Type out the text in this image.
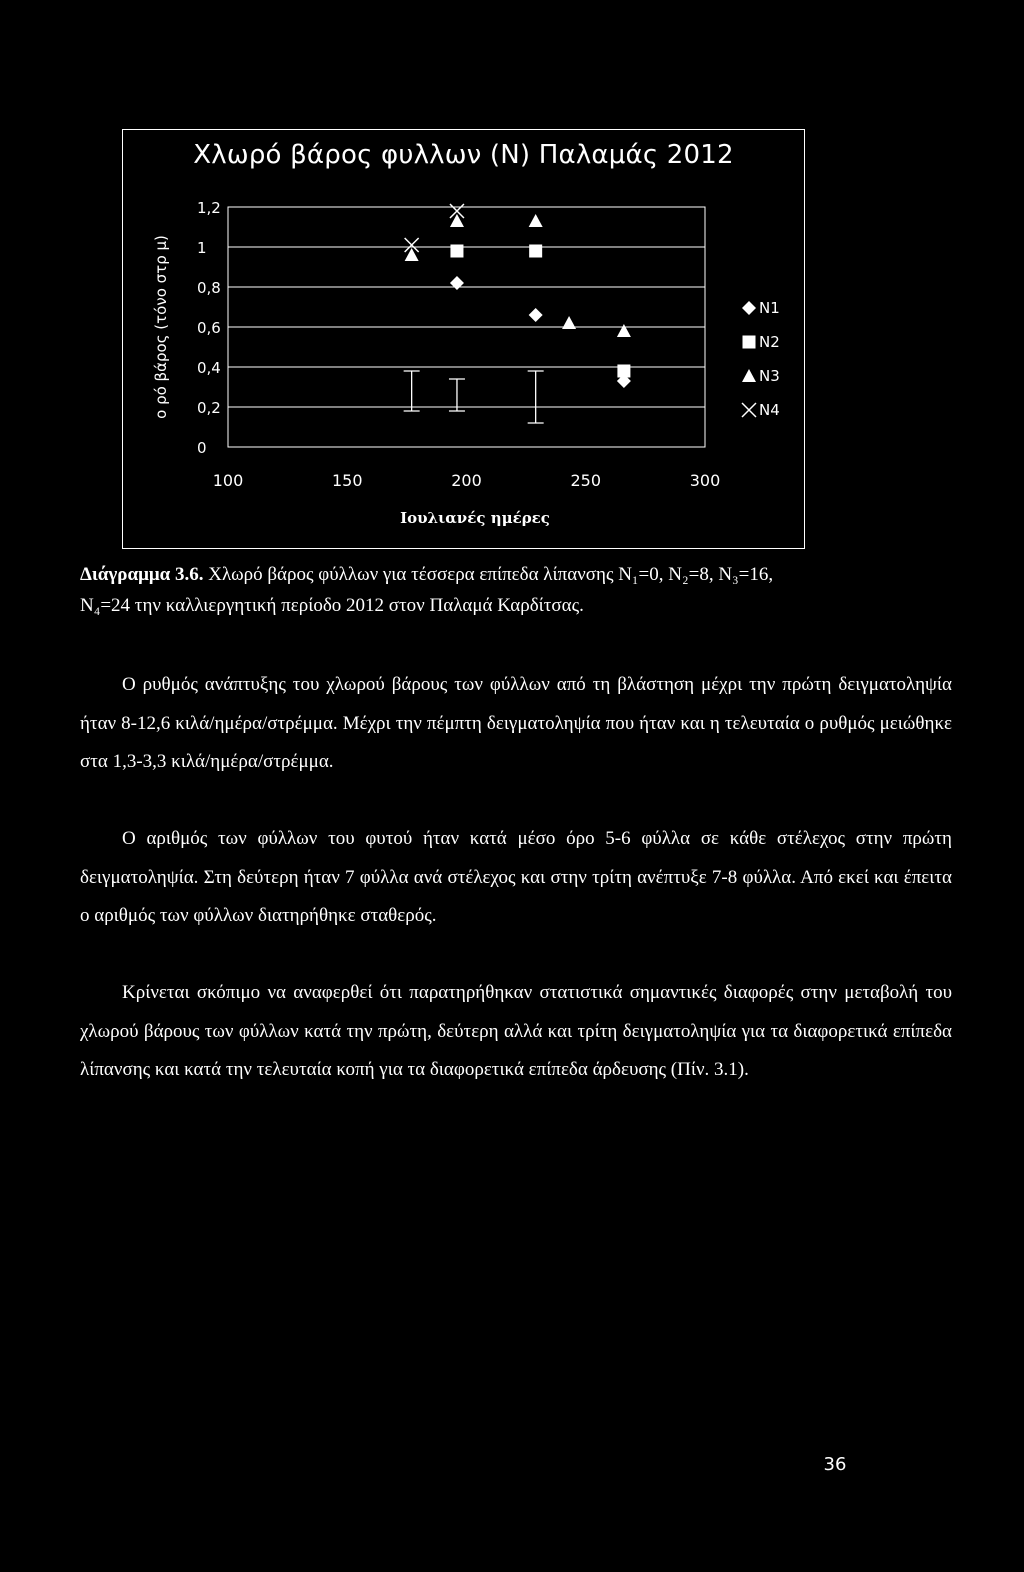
Χλωρό βάρος φυλλων (N) Παλαμάς 2012
0
0,2
0,4
0,6
0,8
1
1,2
100	150	200	250	300
Ιουλιανές ημέρες
ο ρό βάρος (τόνο στρ μ)	N1
N2
N3
N4

Διάγραμμα 3.6. Χλωρό βάρος φύλλων για τέσσερα επίπεδα λίπανσης N₁=0, N₂=8, N₃=16,
N₄=24 την καλλιεργητική περίοδο 2012 στον Παλαμά Καρδίτσας.

Ο ρυθμός ανάπτυξης του χλωρού βάρους των φύλλων από τη βλάστηση μέχρι την πρώτη δειγματοληψία ήταν 8-12,6 κιλά/ημέρα/στρέμμα. Μέχρι την πέμπτη δειγματοληψία που ήταν και η τελευταία ο ρυθμός μειώθηκε στα 1,3-3,3 κιλά/ημέρα/στρέμμα.

Ο αριθμός των φύλλων του φυτού ήταν κατά μέσο όρο 5-6 φύλλα σε κάθε στέλεχος στην πρώτη δειγματοληψία. Στη δεύτερη ήταν 7 φύλλα ανά στέλεχος και στην τρίτη ανέπτυξε 7-8 φύλλα. Από εκεί και έπειτα ο αριθμός των φύλλων διατηρήθηκε σταθερός.

Κρίνεται σκόπιμο να αναφερθεί ότι παρατηρήθηκαν στατιστικά σημαντικές διαφορές στην μεταβολή του χλωρού βάρους των φύλλων κατά την πρώτη, δεύτερη αλλά και τρίτη δειγματοληψία για τα διαφορετικά επίπεδα λίπανσης και κατά την τελευταία κοπή για τα διαφορετικά επίπεδα άρδευσης (Πίν. 3.1).

36
